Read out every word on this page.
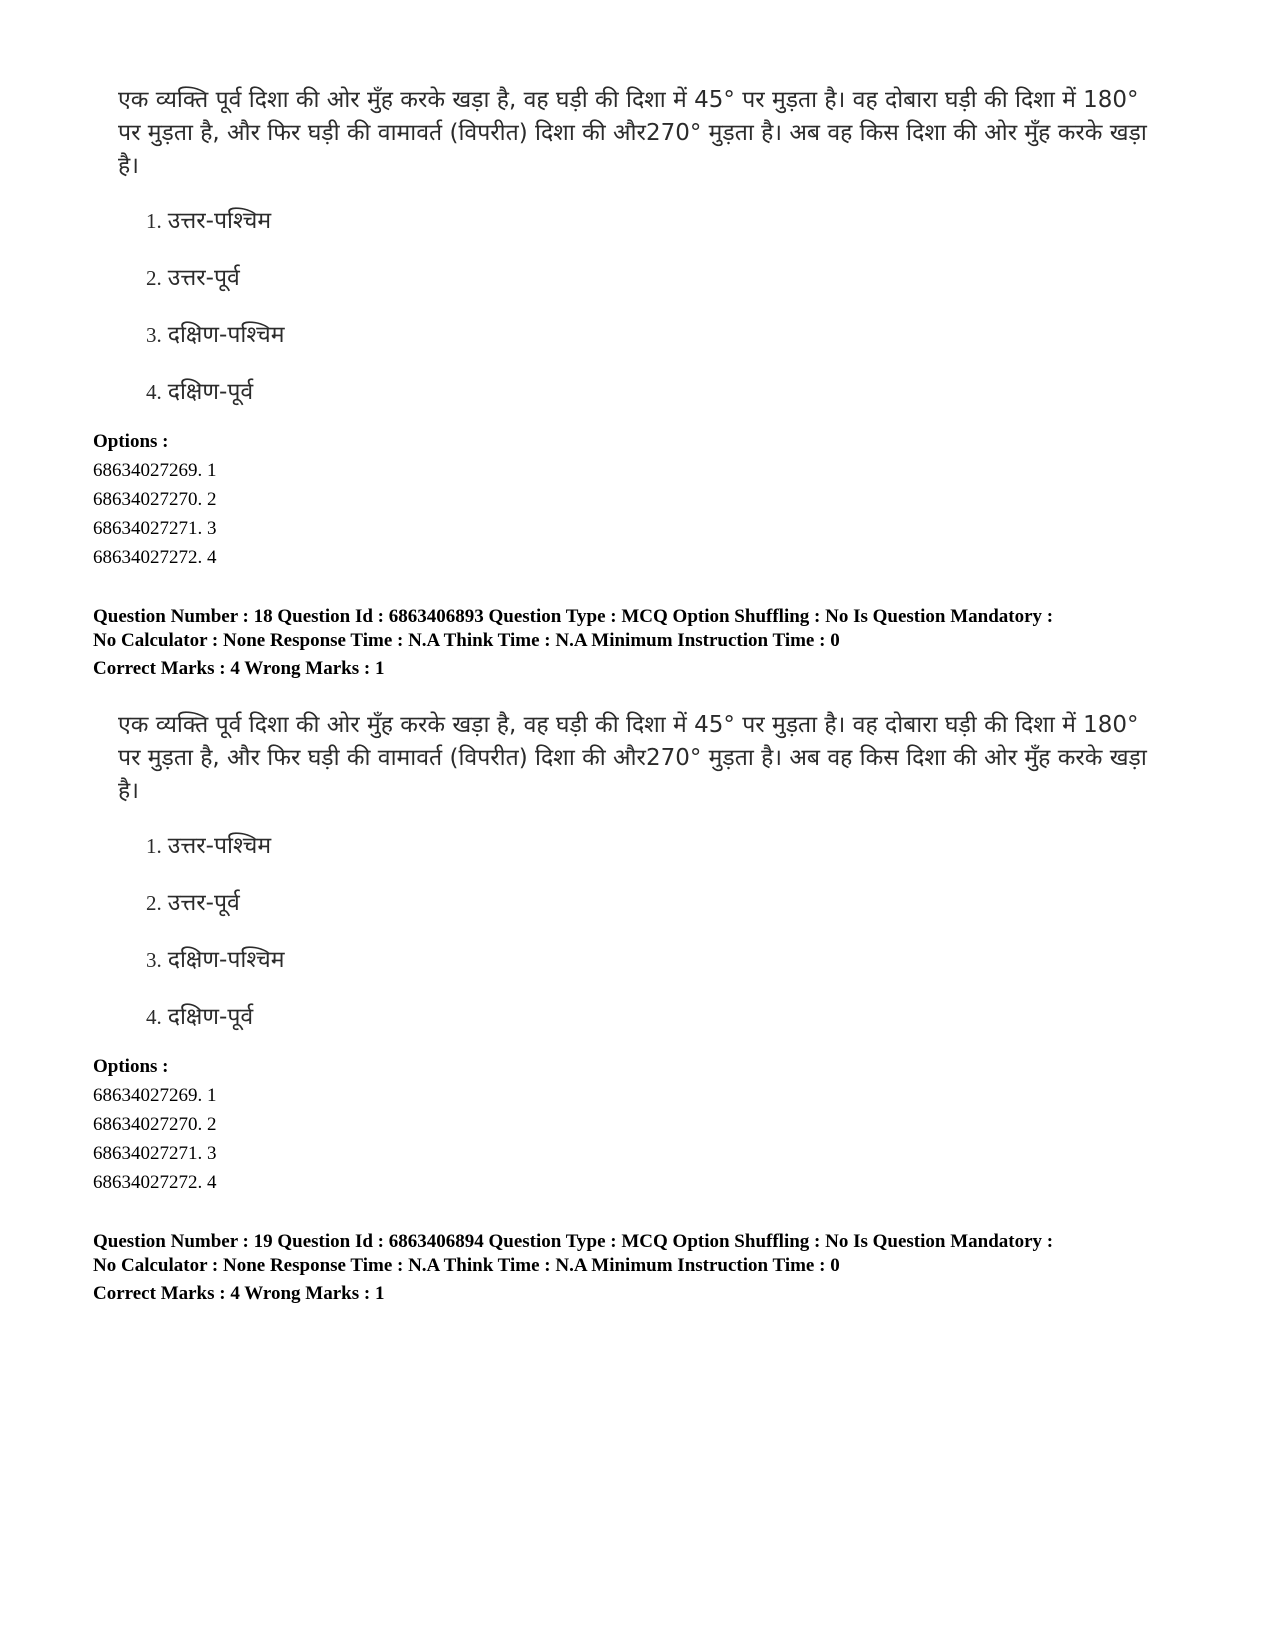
एक व्यक्ति पूर्व दिशा की ओर मुँह करके खड़ा है, वह घड़ी की दिशा में 45° पर मुड़ता है। वह दोबारा घड़ी की दिशा में 180° पर मुड़ता है, और फिर घड़ी की वामावर्त (विपरीत) दिशा की और270° मुड़ता है। अब वह किस दिशा की ओर मुँह करके खड़ा है।

1. उत्तर-पश्चिम
2. उत्तर-पूर्व
3. दक्षिण-पश्चिम
4. दक्षिण-पूर्व
Options :
68634027269. 1
68634027270. 2
68634027271. 3
68634027272. 4
Question Number : 18 Question Id : 6863406893 Question Type : MCQ Option Shuffling : No Is Question Mandatory :
No Calculator : None Response Time : N.A Think Time : N.A Minimum Instruction Time : 0
Correct Marks : 4 Wrong Marks : 1

एक व्यक्ति पूर्व दिशा की ओर मुँह करके खड़ा है, वह घड़ी की दिशा में 45° पर मुड़ता है। वह दोबारा घड़ी की दिशा में 180° पर मुड़ता है, और फिर घड़ी की वामावर्त (विपरीत) दिशा की और270° मुड़ता है। अब वह किस दिशा की ओर मुँह करके खड़ा है।

1. उत्तर-पश्चिम
2. उत्तर-पूर्व
3. दक्षिण-पश्चिम
4. दक्षिण-पूर्व
Options :
68634027269. 1
68634027270. 2
68634027271. 3
68634027272. 4
Question Number : 19 Question Id : 6863406894 Question Type : MCQ Option Shuffling : No Is Question Mandatory :
No Calculator : None Response Time : N.A Think Time : N.A Minimum Instruction Time : 0
Correct Marks : 4 Wrong Marks : 1
